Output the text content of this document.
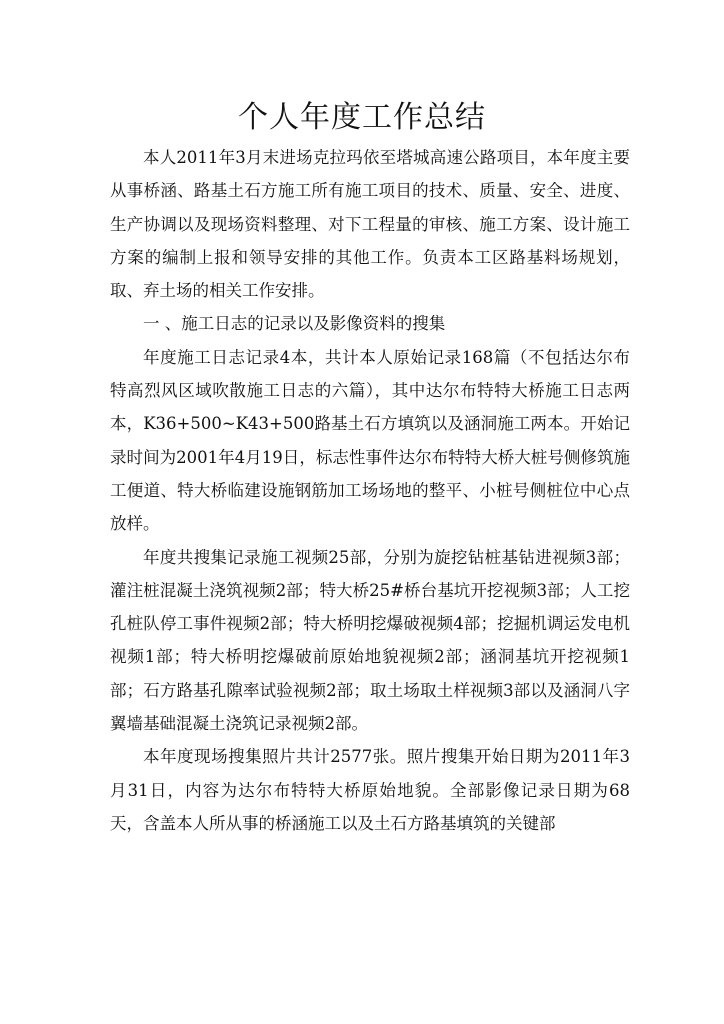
个人年度工作总结

本人2011年3月末进场克拉玛依至塔城高速公路项目，本年度主要从事桥涵、路基土石方施工所有施工项目的技术、质量、安全、进度、生产协调以及现场资料整理、对下工程量的审核、施工方案、设计施工方案的编制上报和领导安排的其他工作。负责本工区路基料场规划，取、弃土场的相关工作安排。

一 、施工日志的记录以及影像资料的搜集

年度施工日志记录4本，共计本人原始记录168篇（不包括达尔布特高烈风区域吹散施工日志的六篇），其中达尔布特特大桥施工日志两本，K36+500~K43+500路基土石方填筑以及涵洞施工两本。开始记录时间为2001年4月19日，标志性事件达尔布特特大桥大桩号侧修筑施工便道、特大桥临建设施钢筋加工场场地的整平、小桩号侧桩位中心点放样。

年度共搜集记录施工视频25部，分别为旋挖钻桩基钻进视频3部；灌注桩混凝土浇筑视频2部；特大桥25#桥台基坑开挖视频3部；人工挖孔桩队停工事件视频2部；特大桥明挖爆破视频4部；挖掘机调运发电机视频1部；特大桥明挖爆破前原始地貌视频2部；涵洞基坑开挖视频1部；石方路基孔隙率试验视频2部；取土场取土样视频3部以及涵洞八字翼墙基础混凝土浇筑记录视频2部。

本年度现场搜集照片共计2577张。照片搜集开始日期为2011年3月31日，内容为达尔布特特大桥原始地貌。全部影像记录日期为68天，含盖本人所从事的桥涵施工以及土石方路基填筑的关键部
